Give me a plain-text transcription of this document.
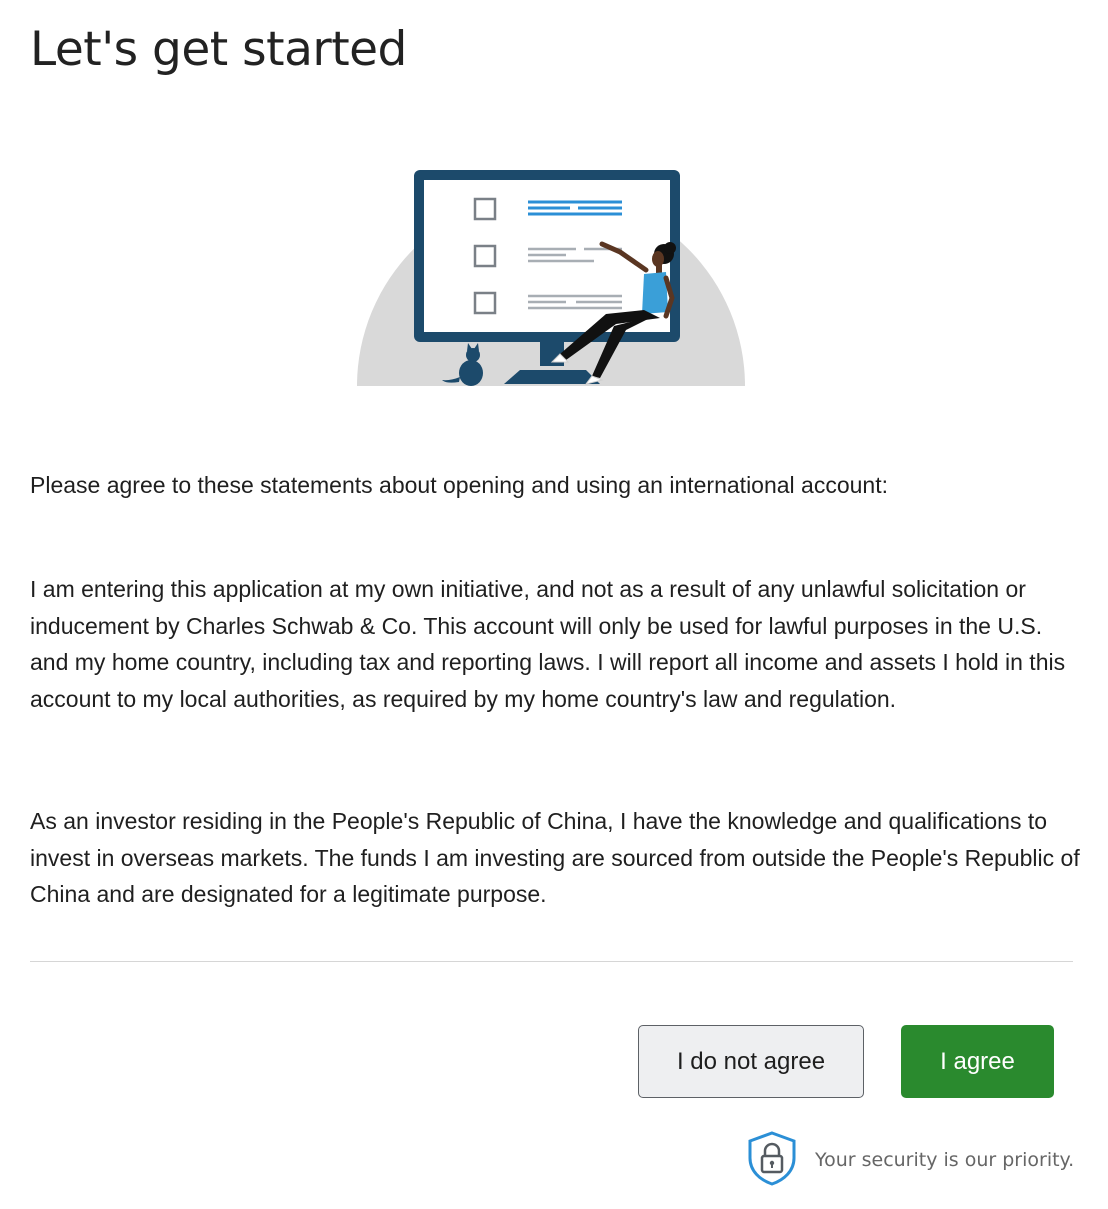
Let's get started

Please agree to these statements about opening and using an international account:

I am entering this application at my own initiative, and not as a result of any unlawful solicitation or inducement by Charles Schwab & Co. This account will only be used for lawful purposes in the U.S. and my home country, including tax and reporting laws. I will report all income and assets I hold in this account to my local authorities, as required by my home country's law and regulation.

As an investor residing in the People's Republic of China, I have the knowledge and qualifications to invest in overseas markets. The funds I am investing are sourced from outside the People's Republic of China and are designated for a legitimate purpose.

I do not agree	I agree
Your security is our priority.
